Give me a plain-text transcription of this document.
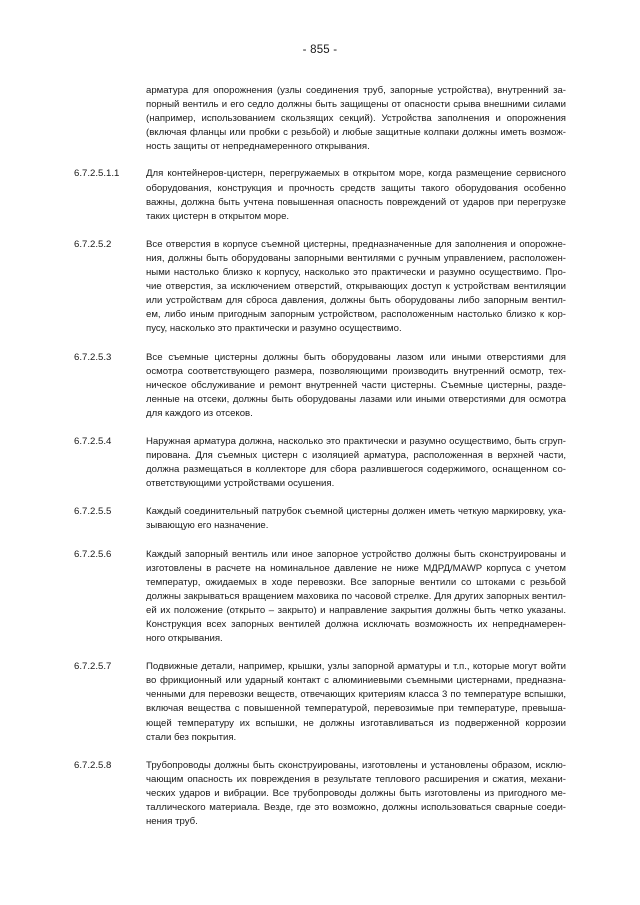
- 855 -
арматура для опорожнения (узлы соединения труб, запорные устройства), внутренний за-
порный вентиль и его седло должны быть защищены от опасности срыва внешними силами
(например, использованием скользящих секций). Устройства заполнения и опорожнения
(включая фланцы или пробки с резьбой) и любые защитные колпаки должны иметь возмож-
ность защиты от непреднамеренного открывания.
6.7.2.5.1.1	Для контейнеров-цистерн, перегружаемых в открытом море, когда размещение сервисного
оборудования, конструкция и прочность средств защиты такого оборудования особенно
важны, должна быть учтена повышенная опасность повреждений от ударов при перегрузке
таких цистерн в открытом море.
6.7.2.5.2	Все отверстия в корпусе съемной цистерны, предназначенные для заполнения и опорожне-
ния, должны быть оборудованы запорными вентилями с ручным управлением, расположен-
ными настолько близко к корпусу, насколько это практически и разумно осуществимо. Про-
чие отверстия, за исключением отверстий, открывающих доступ к устройствам вентиляции
или устройствам для сброса давления, должны быть оборудованы либо запорным вентил-
ем, либо иным пригодным запорным устройством, расположенным настолько близко к кор-
пусу, насколько это практически и разумно осуществимо.
6.7.2.5.3	Все съемные цистерны должны быть оборудованы лазом или иными отверстиями для
осмотра соответствующего размера, позволяющими производить внутренний осмотр, тех-
ническое обслуживание и ремонт внутренней части цистерны. Съемные цистерны, разде-
ленные на отсеки, должны быть оборудованы лазами или иными отверстиями для осмотра
для каждого из отсеков.
6.7.2.5.4	Наружная арматура должна, насколько это практически и разумно осуществимо, быть сгруп-
пирована. Для съемных цистерн с изоляцией арматура, расположенная в верхней части,
должна размещаться в коллекторе для сбора разлившегося содержимого, оснащенном со-
ответствующими устройствами осушения.
6.7.2.5.5	Каждый соединительный патрубок съемной цистерны должен иметь четкую маркировку, ука-
зывающую его назначение.
6.7.2.5.6	Каждый запорный вентиль или иное запорное устройство должны быть сконструированы и
изготовлены в расчете на номинальное давление не ниже МДРД/MAWP корпуса с учетом
температур, ожидаемых в ходе перевозки. Все запорные вентили со штоками с резьбой
должны закрываться вращением маховика по часовой стрелке. Для других запорных вентил-
ей их положение (открыто – закрыто) и направление закрытия должны быть четко указаны.
Конструкция всех запорных вентилей должна исключать возможность их непреднамерен-
ного открывания.
6.7.2.5.7	Подвижные детали, например, крышки, узлы запорной арматуры и т.п., которые могут войти
во фрикционный или ударный контакт с алюминиевыми съемными цистернами, предназна-
ченными для перевозки веществ, отвечающих критериям класса 3 по температуре вспышки,
включая вещества с повышенной температурой, перевозимые при температуре, превыша-
ющей температуру их вспышки, не должны изготавливаться из подверженной коррозии
стали без покрытия.
6.7.2.5.8	Трубопроводы должны быть сконструированы, изготовлены и установлены образом, исклю-
чающим опасность их повреждения в результате теплового расширения и сжатия, механи-
ческих ударов и вибрации. Все трубопроводы должны быть изготовлены из пригодного ме-
таллического материала. Везде, где это возможно, должны использоваться сварные соеди-
нения труб.
